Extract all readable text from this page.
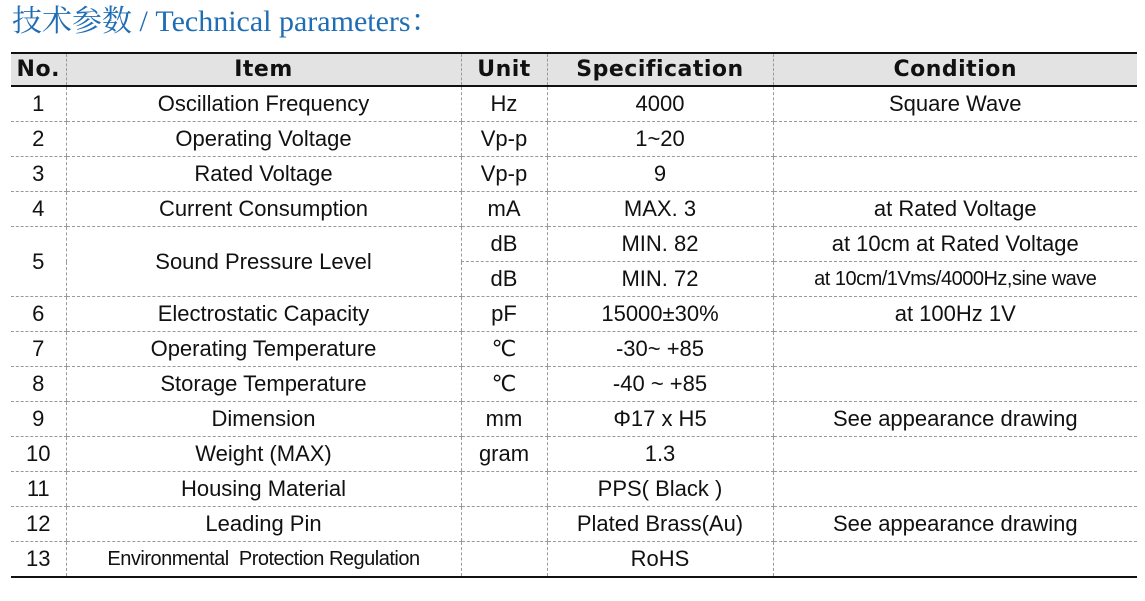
技术参数 / Technical parameters：
No.	Item	Unit	Specification	Condition
1	Oscillation Frequency	Hz	4000	Square Wave
2	Operating Voltage	Vp-p	1~20	
3	Rated Voltage	Vp-p	9	
4	Current Consumption	mA	MAX. 3	at Rated Voltage
5	Sound Pressure Level	dB	MIN. 82	at 10cm at Rated Voltage
		dB	MIN. 72	at 10cm/1Vms/4000Hz,sine wave
6	Electrostatic Capacity	pF	15000±30%	at 100Hz 1V
7	Operating Temperature	℃	-30~ +85	
8	Storage Temperature	℃	-40 ~ +85	
9	Dimension	mm	Φ17 x H5	See appearance drawing
10	Weight (MAX)	gram	1.3	
11	Housing Material		PPS( Black )	
12	Leading Pin		Plated Brass(Au)	See appearance drawing
13	Environmental  Protection Regulation		RoHS	
